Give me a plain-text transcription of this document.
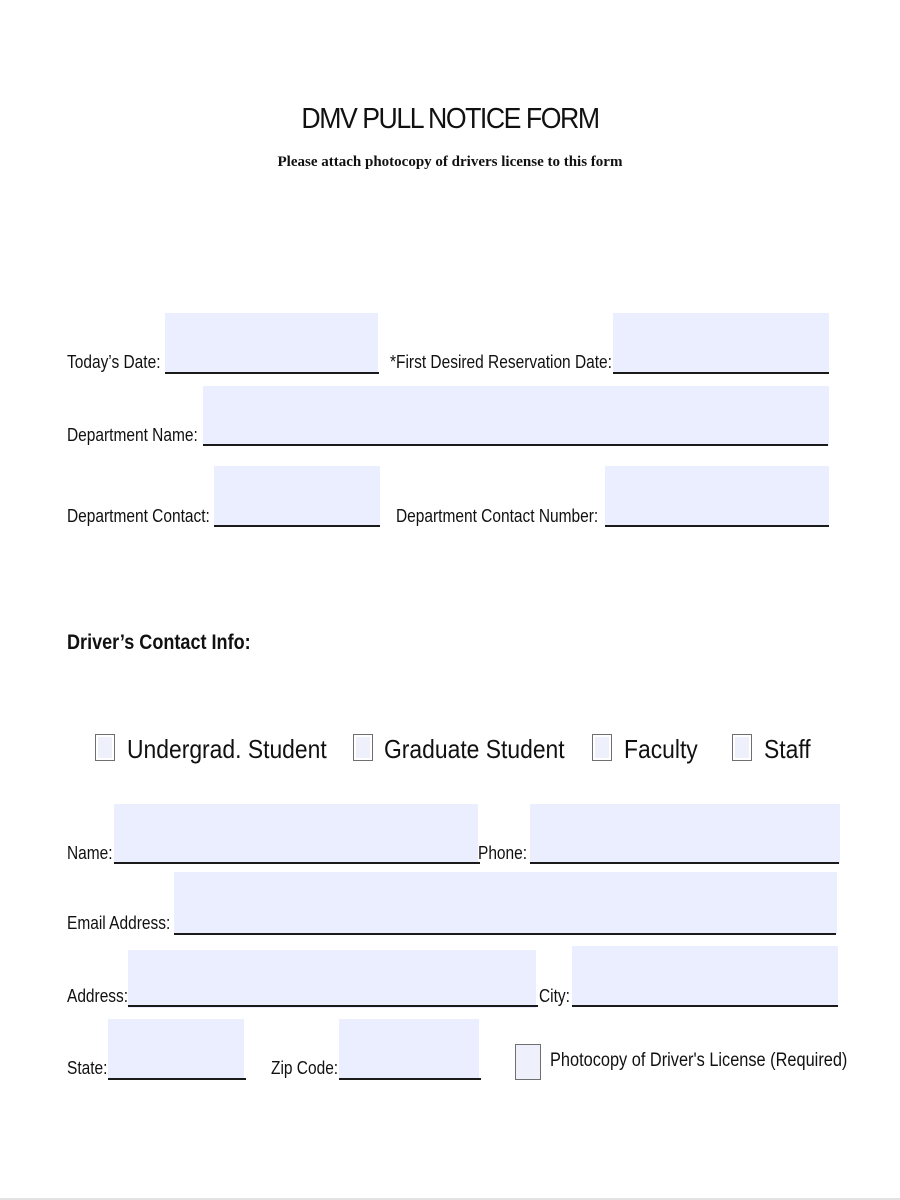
DMV PULL NOTICE FORM
Please attach photocopy of drivers license to this form
Today’s Date:	*First Desired Reservation Date:
Department Name:
Department Contact:	Department Contact Number:
Driver’s Contact Info:
Undergrad. Student Graduate Student Faculty	Staff
Name:	Phone:
Email Address:
Address:	City:
State:	Zip Code:	Photocopy of Driver's License (Required)
